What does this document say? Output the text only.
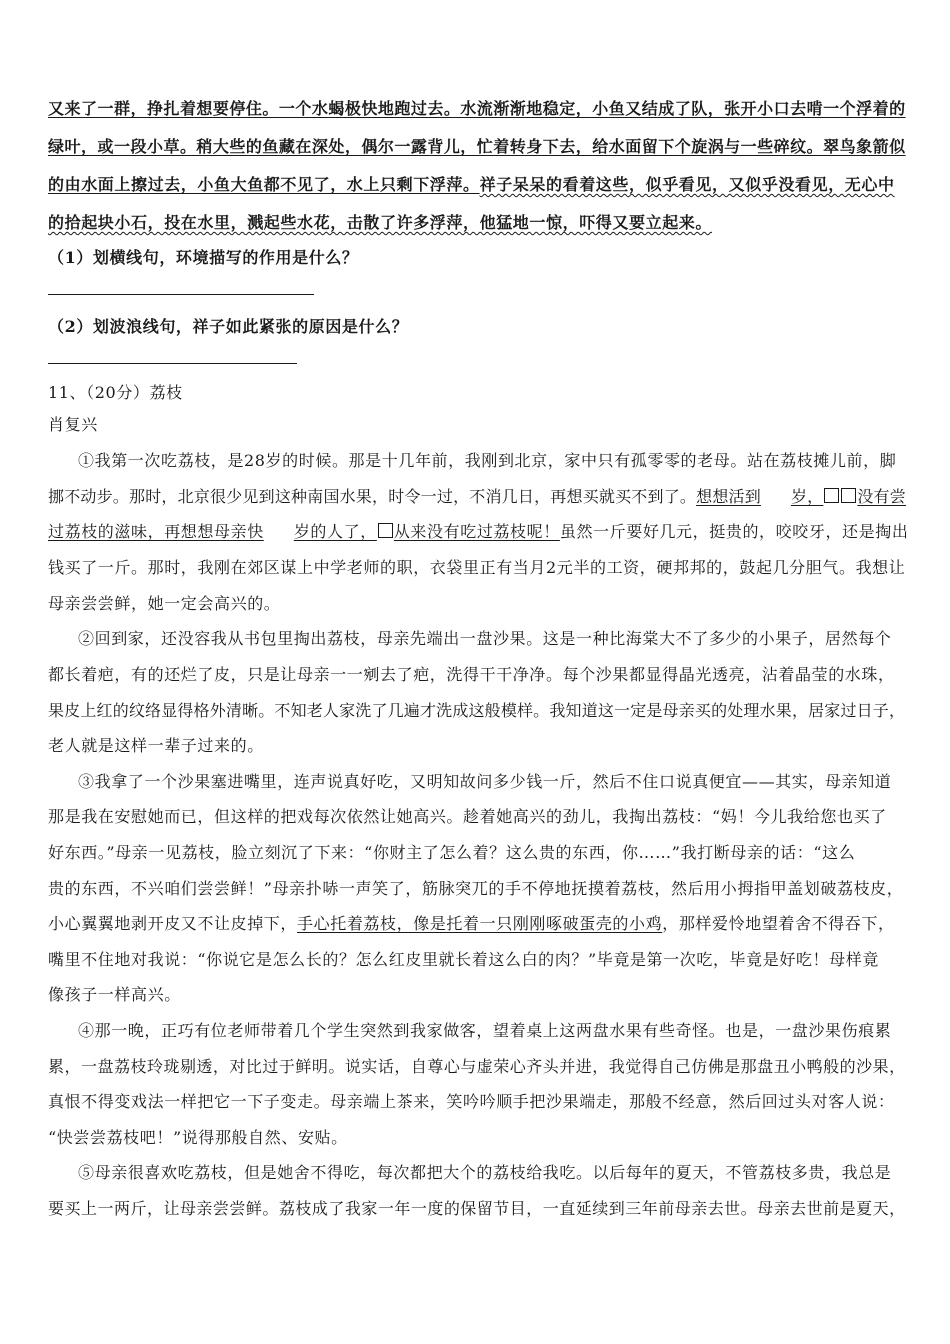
又来了一群，挣扎着想要停住。一个水蝎极快地跑过去。水流渐渐地稳定，小鱼又结成了队，张开小口去啃一个浮着的
绿叶，或一段小草。稍大些的鱼藏在深处，偶尔一露背儿，忙着转身下去，给水面留下个旋涡与一些碎纹。翠鸟象箭似
的由水面上擦过去，小鱼大鱼都不见了，水上只剩下浮萍。祥子呆呆的看着这些，似乎看见，又似乎没看见，无心中
的拾起块小石，投在水里，溅起些水花，击散了许多浮萍，他猛地一惊，吓得又要立起来。
（1）划横线句，环境描写的作用是什么？
（2）划波浪线句，祥子如此紧张的原因是什么？
11、（20分）荔枝
肖复兴
①我第一次吃荔枝，是28岁的时候。那是十几年前，我刚到北京，家中只有孤零零的老母。站在荔枝摊儿前，脚
挪不动步。那时，北京很少见到这种南国水果，时令一过，不消几日，再想买就买不到了。想想活到 岁， 没有尝
过荔枝的滋味，再想想母亲快 岁的人了， 从来没有吃过荔枝呢！虽然一斤要好几元，挺贵的，咬咬牙，还是掏出
钱买了一斤。那时，我刚在郊区谋上中学老师的职，衣袋里正有当月2元半的工资，硬邦邦的，鼓起几分胆气。我想让
母亲尝尝鲜，她一定会高兴的。
②回到家，还没容我从书包里掏出荔枝，母亲先端出一盘沙果。这是一种比海棠大不了多少的小果子，居然每个
都长着疤，有的还烂了皮，只是让母亲一一剜去了疤，洗得干干净净。每个沙果都显得晶光透亮，沾着晶莹的水珠，
果皮上红的纹络显得格外清晰。不知老人家洗了几遍才洗成这般模样。我知道这一定是母亲买的处理水果，居家过日子，
老人就是这样一辈子过来的。
③我拿了一个沙果塞进嘴里，连声说真好吃，又明知故问多少钱一斤，然后不住口说真便宜——其实，母亲知道
那是我在安慰她而已，但这样的把戏每次依然让她高兴。趁着她高兴的劲儿，我掏出荔枝：“妈！今儿我给您也买了
好东西。”母亲一见荔枝，脸立刻沉了下来：“你财主了怎么着？这么贵的东西，你……”我打断母亲的话：“这么
贵的东西，不兴咱们尝尝鲜！”母亲扑哧一声笑了，筋脉突兀的手不停地抚摸着荔枝，然后用小拇指甲盖划破荔枝皮，
小心翼翼地剥开皮又不让皮掉下，手心托着荔枝，像是托着一只刚刚啄破蛋壳的小鸡，那样爱怜地望着舍不得吞下，
嘴里不住地对我说：“你说它是怎么长的？怎么红皮里就长着这么白的肉？”毕竟是第一次吃，毕竟是好吃！母样竟
像孩子一样高兴。
④那一晚，正巧有位老师带着几个学生突然到我家做客，望着桌上这两盘水果有些奇怪。也是，一盘沙果伤痕累
累，一盘荔枝玲珑剔透，对比过于鲜明。说实话，自尊心与虚荣心齐头并进，我觉得自己仿佛是那盘丑小鸭般的沙果，
真恨不得变戏法一样把它一下子变走。母亲端上茶来，笑吟吟顺手把沙果端走，那般不经意，然后回过头对客人说：
“快尝尝荔枝吧！”说得那般自然、安贴。
⑤母亲很喜欢吃荔枝，但是她舍不得吃，每次都把大个的荔枝给我吃。以后每年的夏天，不管荔枝多贵，我总是
要买上一两斤，让母亲尝尝鲜。荔枝成了我家一年一度的保留节目，一直延续到三年前母亲去世。母亲去世前是夏天，
